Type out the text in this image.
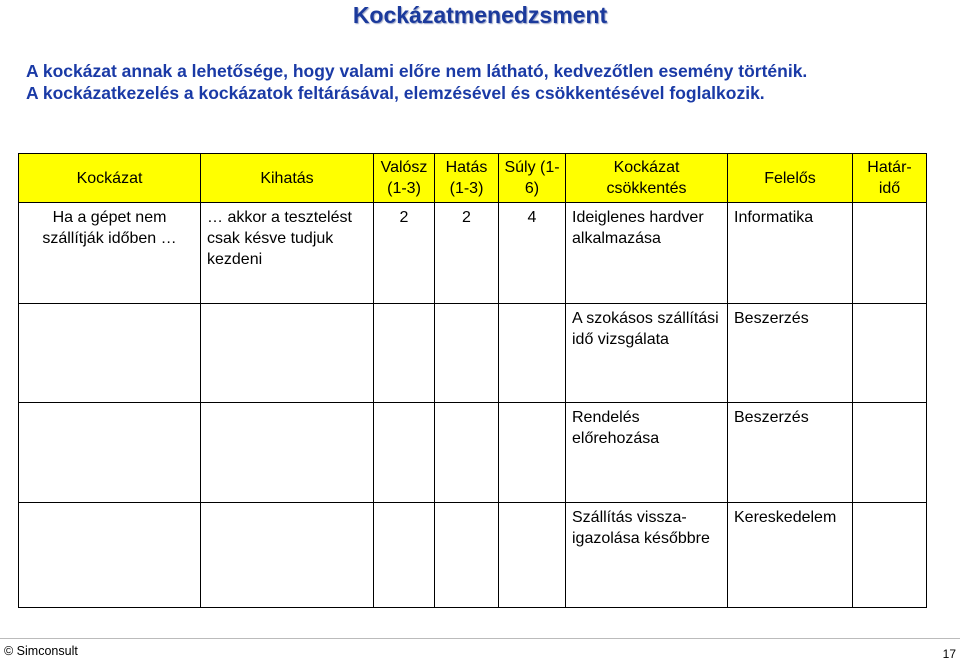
Kockázatmenedzsment
A kockázat annak a lehetősége, hogy valami előre nem látható, kedvezőtlen esemény történik.
A kockázatkezelés a kockázatok feltárásával, elemzésével és csökkentésével foglalkozik.
Kockázat	Kihatás	Valósz (1-3)	Hatás (1-3)	Súly (1-6)	Kockázat csökkentés	Felelős	Határ-idő

Ha a gépet nem szállítják időben …	… akkor a tesztelést csak késve tudjuk kezdeni	2	2	4	Ideiglenes hardver alkalmazása	Informatika	

					A szokásos szállítási idő vizsgálata	Beszerzés	

					Rendelés előrehozása	Beszerzés	

					Szállítás vissza-igazolása későbbre	Kereskedelem	

© Simconsult	17
